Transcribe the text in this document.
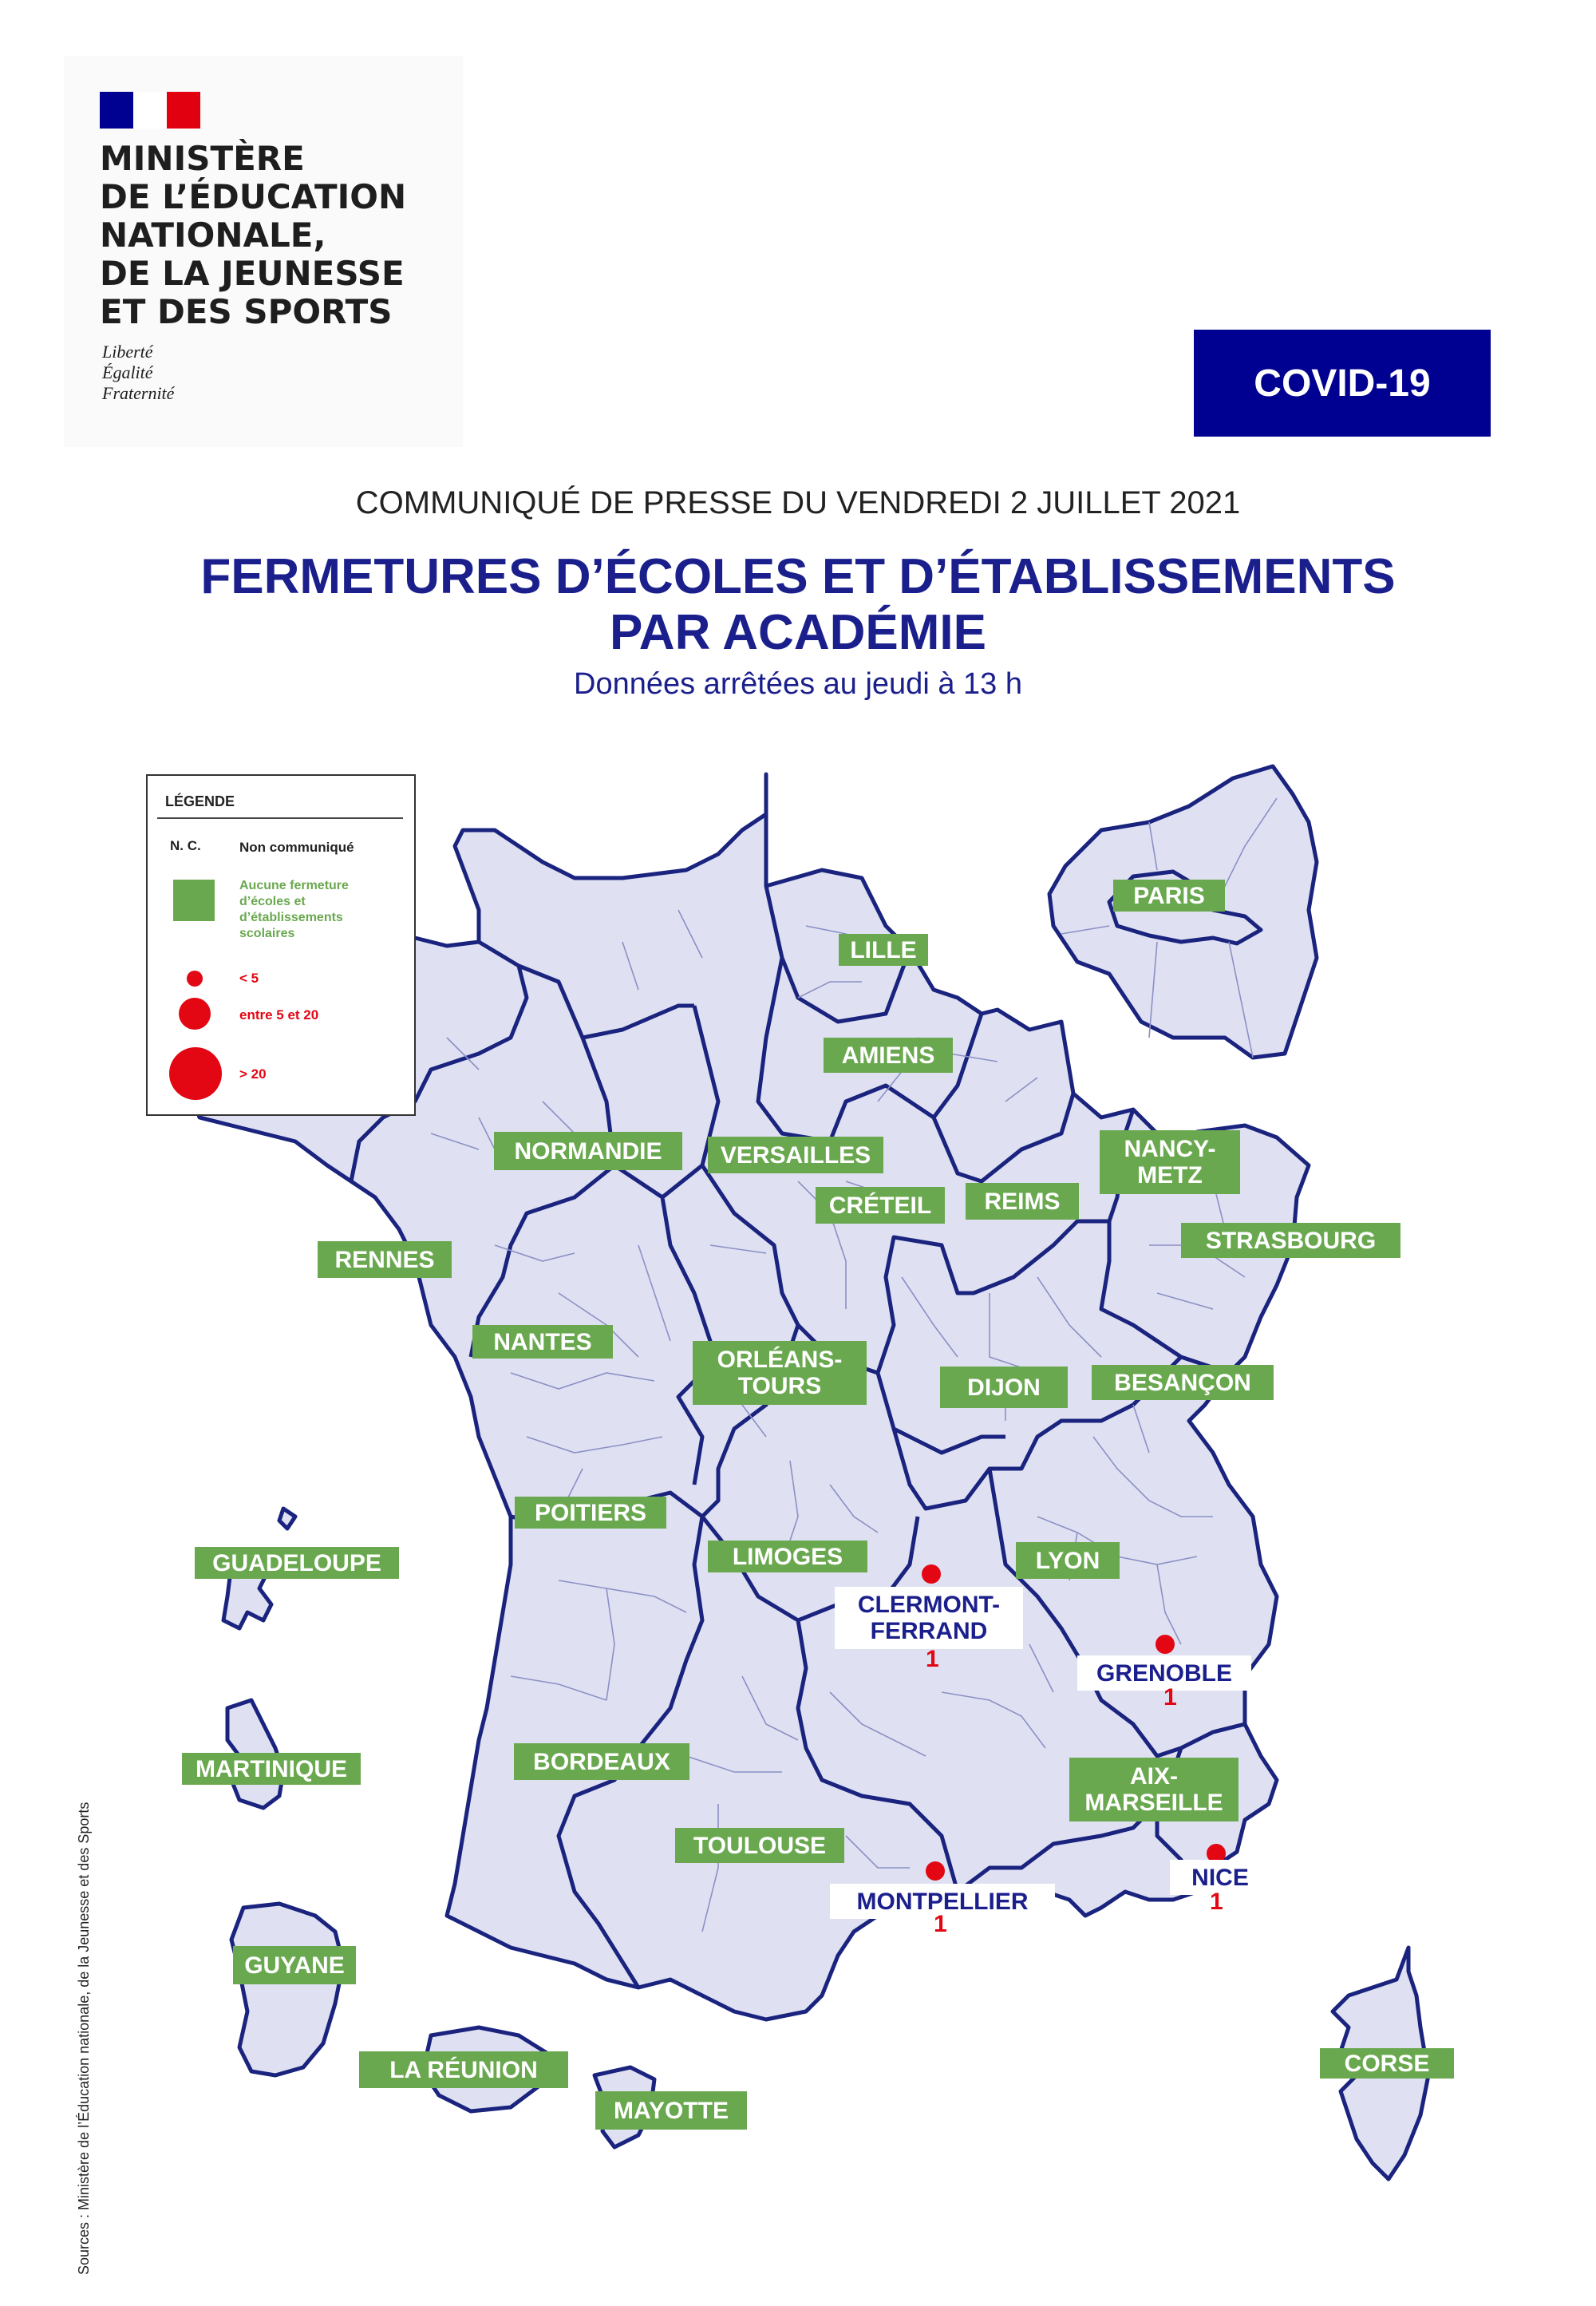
MINISTÈRE
DE L’ÉDUCATION
NATIONALE,
DE LA JEUNESSE
ET DES SPORTS
Liberté
Égalité
Fraternité	COVID-19
COMMUNIQUÉ DE PRESSE DU VENDREDI 2 JUILLET 2021
FERMETURES D’ÉCOLES ET D’ÉTABLISSEMENTS
PAR ACADÉMIE
Données arrêtées au jeudi à 13 h
LÉGENDE
N. C.	Non communiqué
Aucune fermeture d’écoles et d’établissements scolaires
< 5
entre 5 et 20
> 20
PARIS
LILLE
AMIENS
NORMANDIE	VERSAILLES
CRÉTEIL	REIMS
NANCY-
METZ
STRASBOURG
RENNES
NANTES
ORLÉANS-
TOURS	DIJON	BESANÇON
POITIERS
LIMOGES	LYON
GUADELOUPE
CLERMONT-
FERRAND
1
GRENOBLE
1
MARTINIQUE	BORDEAUX
AIX-
MARSEILLE
TOULOUSE
MONTPELLIER
1
NICE
1
GUYANE
LA RÉUNION
MAYOTTE
CORSE
Sources : Ministère de l’Éducation nationale, de la Jeunesse et des Sports
